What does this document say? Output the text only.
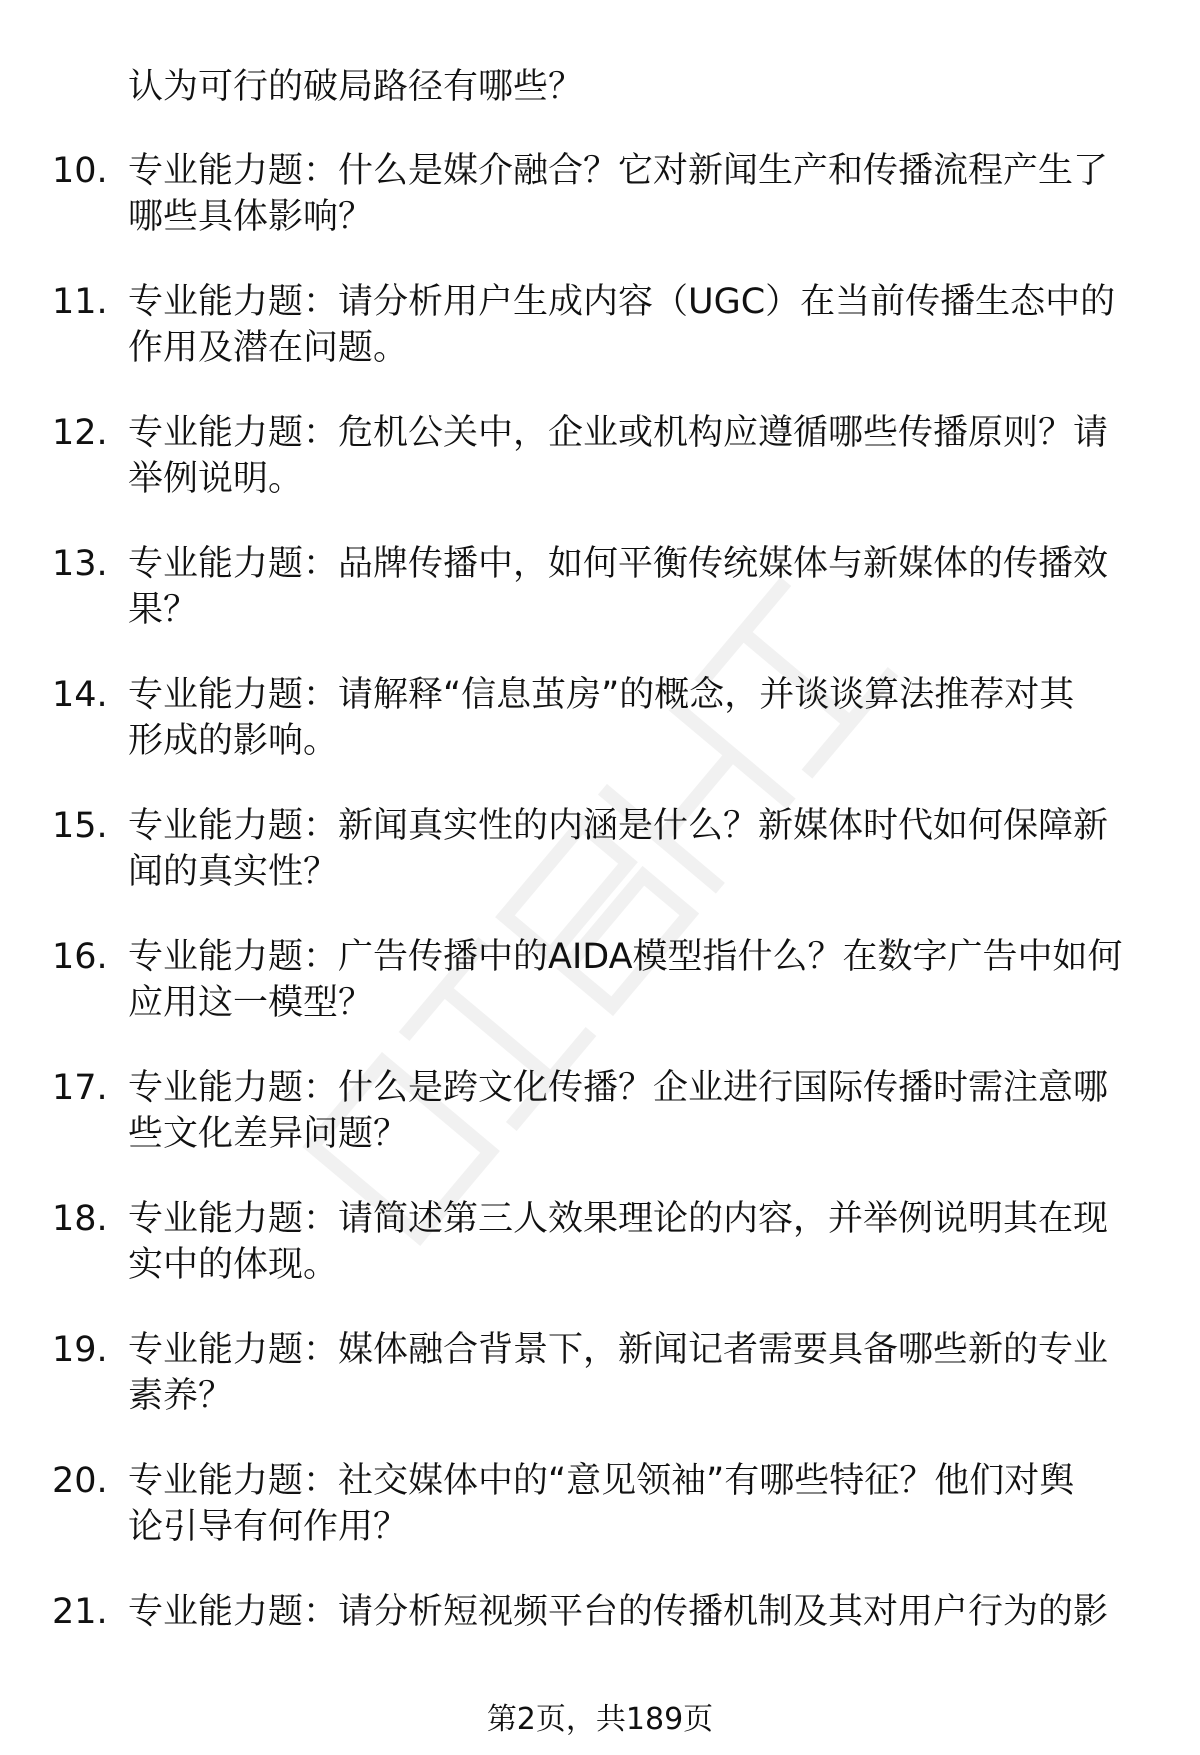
认为可行的破局路径有哪些？
10. 专业能力题：什么是媒介融合？它对新闻生产和传播流程产生了
哪些具体影响？
11. 专业能力题：请分析用户生成内容（UGC）在当前传播生态中的
作用及潜在问题。
12. 专业能力题：危机公关中，企业或机构应遵循哪些传播原则？请
举例说明。
13. 专业能力题：品牌传播中，如何平衡传统媒体与新媒体的传播效
果？
14. 专业能力题：请解释“信息茧房”的概念，并谈谈算法推荐对其
形成的影响。
15. 专业能力题：新闻真实性的内涵是什么？新媒体时代如何保障新
闻的真实性？
16. 专业能力题：广告传播中的AIDA模型指什么？在数字广告中如何
应用这一模型？
17. 专业能力题：什么是跨文化传播？企业进行国际传播时需注意哪
些文化差异问题？
18. 专业能力题：请简述第三人效果理论的内容，并举例说明其在现
实中的体现。
19. 专业能力题：媒体融合背景下，新闻记者需要具备哪些新的专业
素养？
20. 专业能力题：社交媒体中的“意见领袖”有哪些特征？他们对舆
论引导有何作用？
21. 专业能力题：请分析短视频平台的传播机制及其对用户行为的影
第2页，共189页
